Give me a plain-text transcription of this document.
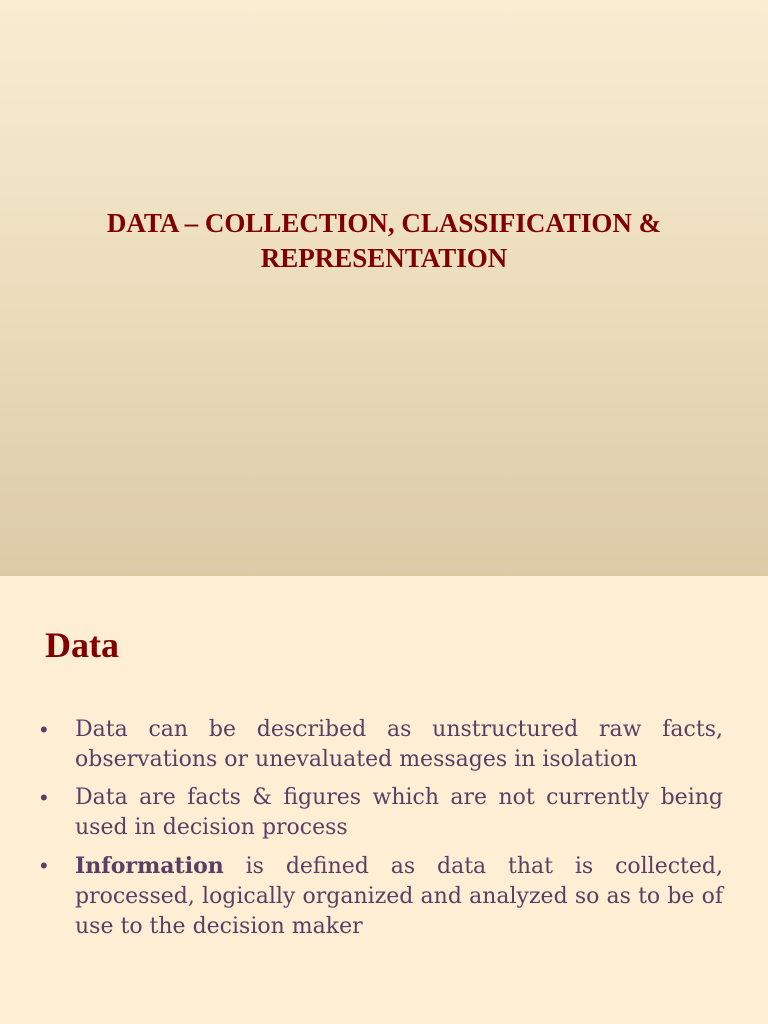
DATA – COLLECTION, CLASSIFICATION &
REPRESENTATION
Data
•	Data can be described as unstructured raw facts, observations or unevaluated messages in isolation
•	Data are facts & figures which are not currently being used in decision process
•	Information is defined as data that is collected, processed, logically organized and analyzed so as to be of use to the decision maker
